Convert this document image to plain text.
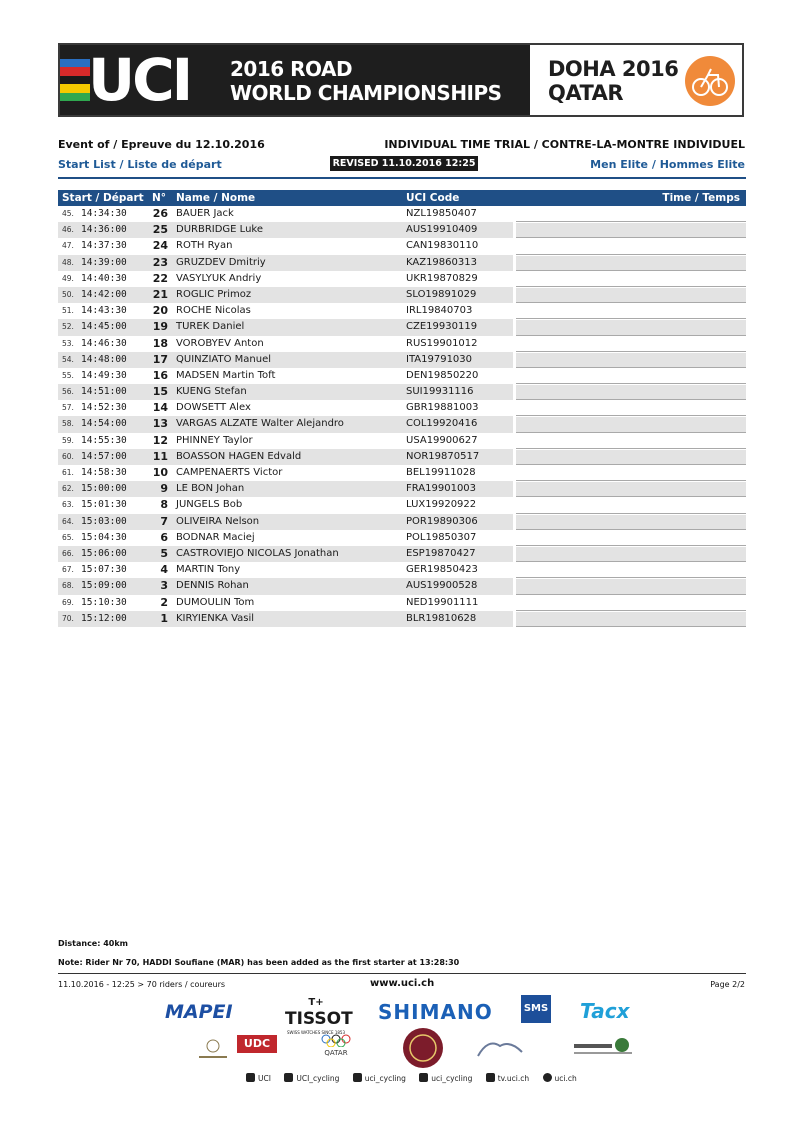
UCI 2016 ROAD
WORLD CHAMPIONSHIPS
DOHA 2016
QATAR
Event of / Epreuve du 12.10.2016	INDIVIDUAL TIME TRIAL / CONTRE-LA-MONTRE INDIVIDUEL
Start List / Liste de départ	REVISED 11.10.2016 12:25	Men Elite / Hommes Elite
Start / Départ N° Name / Nome	UCI Code	Time / Temps
45. 14:34:30	26 BAUER Jack	NZL19850407
46. 14:36:00	25 DURBRIDGE Luke	AUS19910409
47. 14:37:30	24 ROTH Ryan	CAN19830110
48. 14:39:00	23 GRUZDEV Dmitriy	KAZ19860313
49. 14:40:30	22 VASYLYUK Andriy	UKR19870829
50. 14:42:00	21 ROGLIC Primoz	SLO19891029
51. 14:43:30	20 ROCHE Nicolas	IRL19840703
52. 14:45:00	19 TUREK Daniel	CZE19930119
53. 14:46:30	18 VOROBYEV Anton	RUS19901012
54. 14:48:00	17 QUINZIATO Manuel	ITA19791030
55. 14:49:30	16 MADSEN Martin Toft	DEN19850220
56. 14:51:00	15 KUENG Stefan	SUI19931116
57. 14:52:30	14 DOWSETT Alex	GBR19881003
58. 14:54:00	13 VARGAS ALZATE Walter Alejandro	COL19920416
59. 14:55:30	12 PHINNEY Taylor	USA19900627
60. 14:57:00	11 BOASSON HAGEN Edvald	NOR19870517
61. 14:58:30	10 CAMPENAERTS Victor	BEL19911028
62. 15:00:00	9 LE BON Johan	FRA19901003
63. 15:01:30	8 JUNGELS Bob	LUX19920922
64. 15:03:00	7 OLIVEIRA Nelson	POR19890306
65. 15:04:30	6 BODNAR Maciej	POL19850307
66. 15:06:00	5 CASTROVIEJO NICOLAS Jonathan	ESP19870427
67. 15:07:30	4 MARTIN Tony	GER19850423
68. 15:09:00	3 DENNIS Rohan	AUS19900528
69. 15:10:30	2 DUMOULIN Tom	NED19901111
70. 15:12:00	1 KIRYIENKA Vasil	BLR19810628
Distance: 40km
Note: Rider Nr 70, HADDI Soufiane (MAR) has been added as the first starter at 13:28:30
11.10.2016 - 12:25 > 70 riders / coureurs	www.uci.ch	Page 2/2
MAPEI	T+
TISSOT
SWISS WATCHES SINCE 1853
SHIMANO	SMS Tacx
UDC
QATAR
UCI	UCI_cycling	uci_cycling	uci_cycling	tv.uci.ch	uci.ch
